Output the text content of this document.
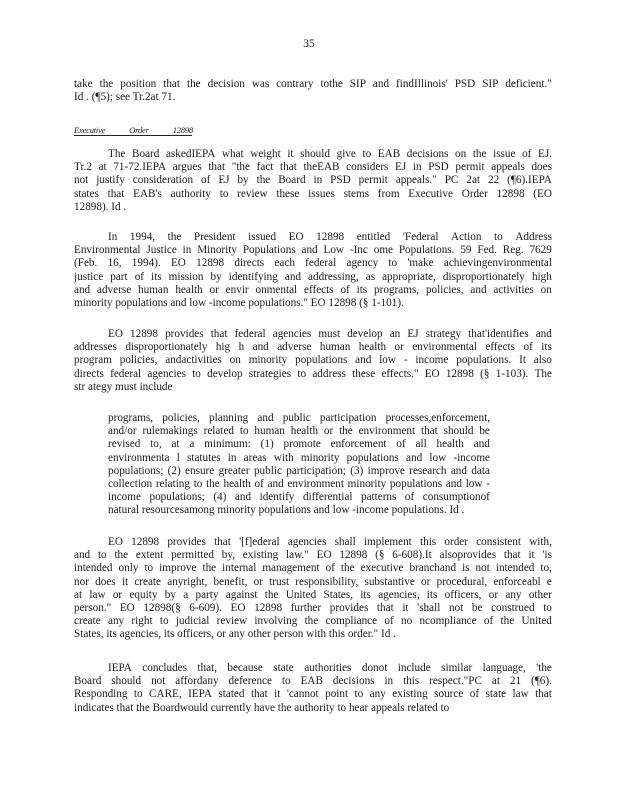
35
take the position that the decision was contrary tothe SIP and findIllinois' PSD SIP deficient."
Id . (¶5); see Tr.2at 71.
Executive	Order	12898
The Board askedIEPA what weight it should give to EAB decisions on the issue of EJ.
Tr.2 at 71-72.IEPA argues that "the fact that theEAB considers EJ in PSD permit appeals does
not justify consideration of EJ by the Board in PSD permit appeals." PC 2at 22 (¶6).IEPA
states that EAB's authority to review these issues stems from Executive Order 12898 (EO
12898). Id .
In 1994, the President issued EO 12898 entitled 'Federal Action to Address
Environmental Justice in Minority Populations and Low -Inc ome Populations. 59 Fed. Reg. 7629
(Feb. 16, 1994). EO 12898 directs each federal agency to 'make achievingenvironmental
justice part of its mission by identifying and addressing, as appropriate, disproportionately high
and adverse human health or envir onmental effects of its programs, policies, and activities on
minority populations and low -income populations." EO 12898 (§ 1-101).
EO 12898 provides that federal agencies must develop an EJ strategy that'identifies and
addresses disproportionately hig h and adverse human health or environmental effects of its
program policies, andactivities on minority populations and low - income populations. It also
directs federal agencies to develop strategies to address these effects." EO 12898 (§ 1-103). The
str ategy must include
programs, policies, planning and public participation processes,enforcement,
and/or rulemakings related to human health or the environment that should be
revised to, at a minimum: (1) promote enforcement of all health and
environmenta l statutes in areas with minority populations and low -income
populations; (2) ensure greater public participation; (3) improve research and data
collection relating to the health of and environment minority populations and low -
income populations; (4) and identify differential patterns of consumptionof
natural resourcesamong minority populations and low -income populations. Id .
EO 12898 provides that '[f]ederal agencies shall implement this order consistent with,
and to the extent permitted by, existing law." EO 12898 (§ 6-608).It alsoprovides that it 'is
intended only to improve the internal management of the executive branchand is not intended to,
nor does it create anyright, benefit, or trust responsibility, substantive or procedural, enforceabl e
at law or equity by a party against the United States, its agencies, its officers, or any other
person." EO 12898(§ 6-609). EO 12898 further provides that it 'shall not be construed to
create any right to judicial review involving the compliance of no ncompliance of the United
States, its agencies, its officers, or any other person with this order." Id .
IEPA concludes that, because state authorities donot include similar language, 'the
Board should not affordany deference to EAB decisions in this respect."PC at 21 (¶6).
Responding to CARE, IEPA stated that it 'cannot point to any existing source of state law that
indicates that the Boardwould currently have the authority to hear appeals related to
